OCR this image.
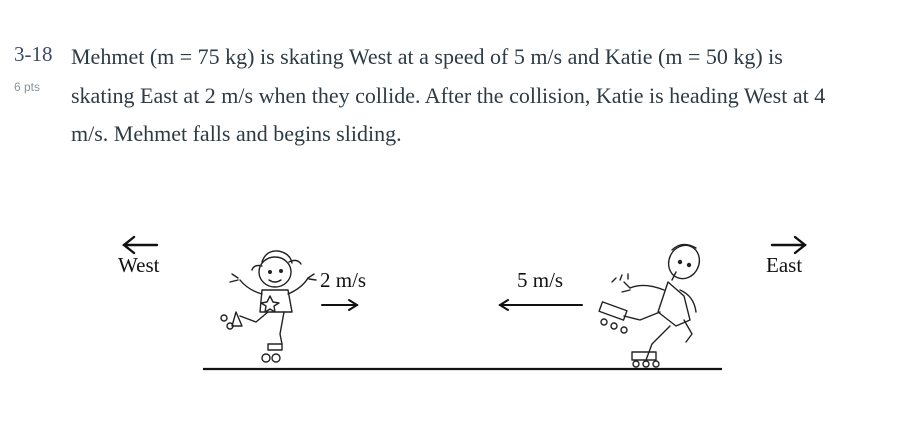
3-18
6 pts
Mehmet (m = 75 kg) is skating West at a speed of 5 m/s and Katie (m = 50 kg) is skating East at 2 m/s when they collide. After the collision, Katie is heading West at 4 m/s. Mehmet falls and begins sliding.
West	East
2 m/s	5 m/s
